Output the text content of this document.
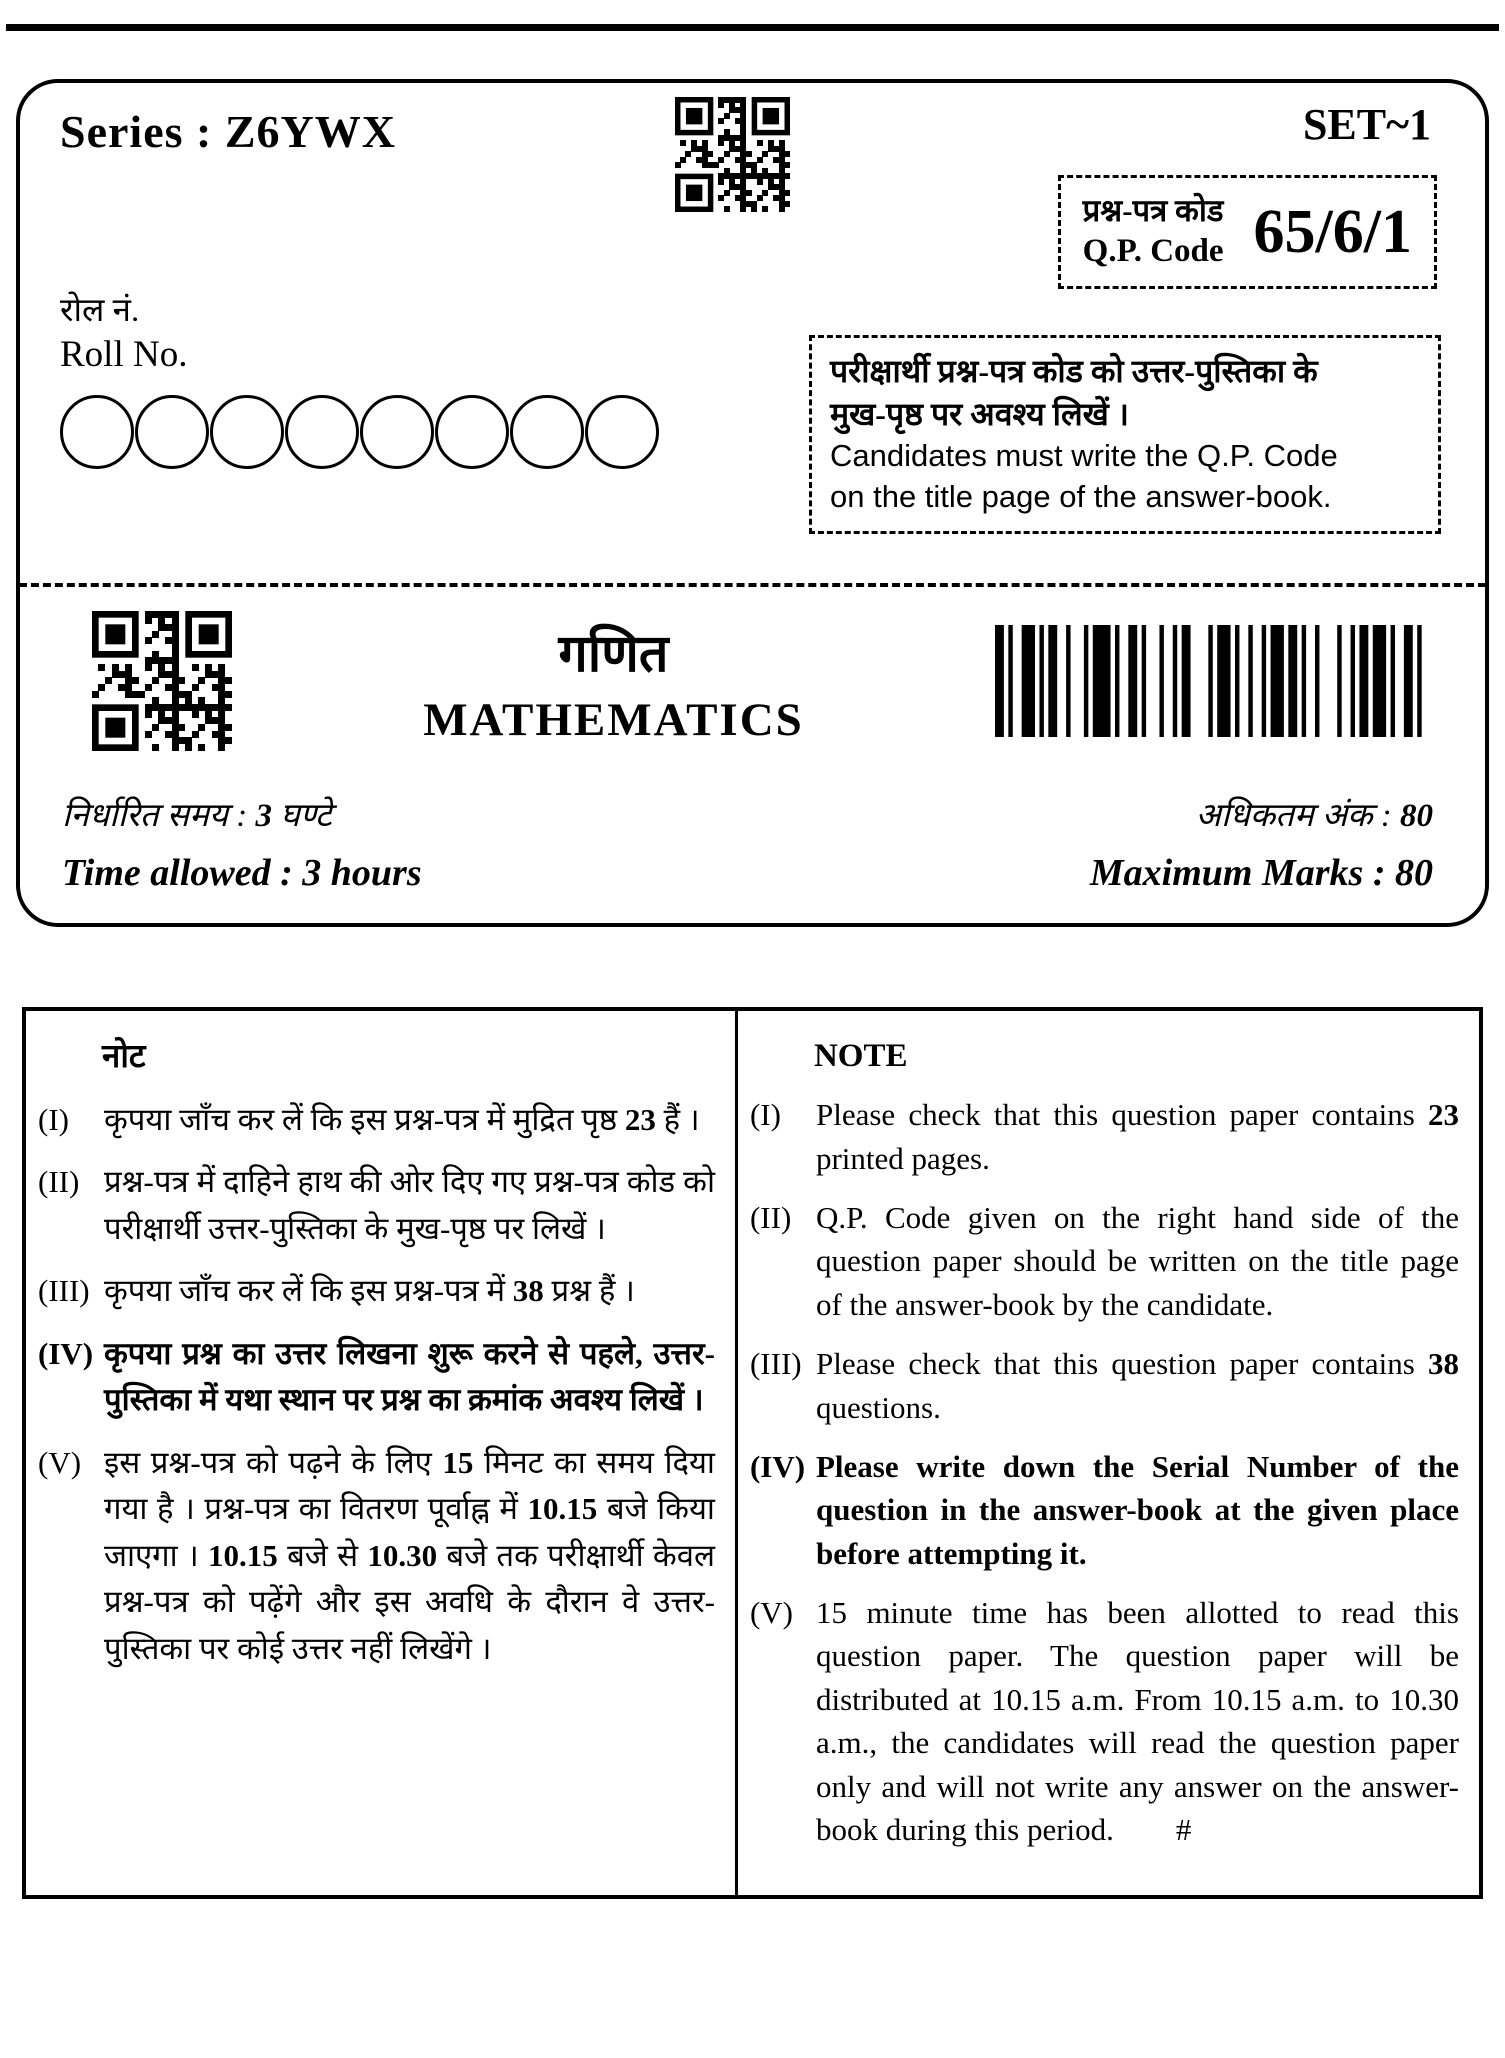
Series : Z6YWX	SET~1
प्रश्न-पत्र कोड
Q.P. Code 65/6/1
रोल नं.
Roll No.	परीक्षार्थी प्रश्न-पत्र कोड को उत्तर-पुस्तिका के
मुख-पृष्ठ पर अवश्य लिखें ।
Candidates must write the Q.P. Code
on the title page of the answer-book.
गणित
MATHEMATICS
निर्धारित समय : 3 घण्टे	अधिकतम अंक : 80
Time allowed : 3 hours	Maximum Marks : 80
नोट
(I)	कृपया जाँच कर लें कि इस प्रश्न-पत्र में मुद्रित पृष्ठ 23 हैं ।
(II) प्रश्न-पत्र में दाहिने हाथ की ओर दिए गए प्रश्न-पत्र कोड को परीक्षार्थी उत्तर-पुस्तिका के मुख-पृष्ठ पर लिखें ।
(III) कृपया जाँच कर लें कि इस प्रश्न-पत्र में 38 प्रश्न हैं ।
(IV) कृपया प्रश्न का उत्तर लिखना शुरू करने से पहले, उत्तर-पुस्तिका में यथा स्थान पर प्रश्न का क्रमांक अवश्य लिखें ।
(V) इस प्रश्न-पत्र को पढ़ने के लिए 15 मिनट का समय दिया गया है । प्रश्न-पत्र का वितरण पूर्वाह्न में 10.15 बजे किया जाएगा । 10.15 बजे से 10.30 बजे तक परीक्षार्थी केवल प्रश्न-पत्र को पढ़ेंगे और इस अवधि के दौरान वे उत्तर-पुस्तिका पर कोई उत्तर नहीं लिखेंगे ।
NOTE
(I)	Please check that this question paper contains 23 printed pages.
(II) Q.P. Code given on the right hand side of the question paper should be written on the title page of the answer-book by the candidate.
(III) Please check that this question paper contains 38 questions.
(IV) Please write down the Serial Number of the question in the answer-book at the given place before attempting it.
(V) 15 minute time has been allotted to read this question paper. The question paper will be distributed at 10.15 a.m. From 10.15 a.m. to 10.30 a.m., the candidates will read the question paper only and will not write any answer on the answer-book during this period.  #
